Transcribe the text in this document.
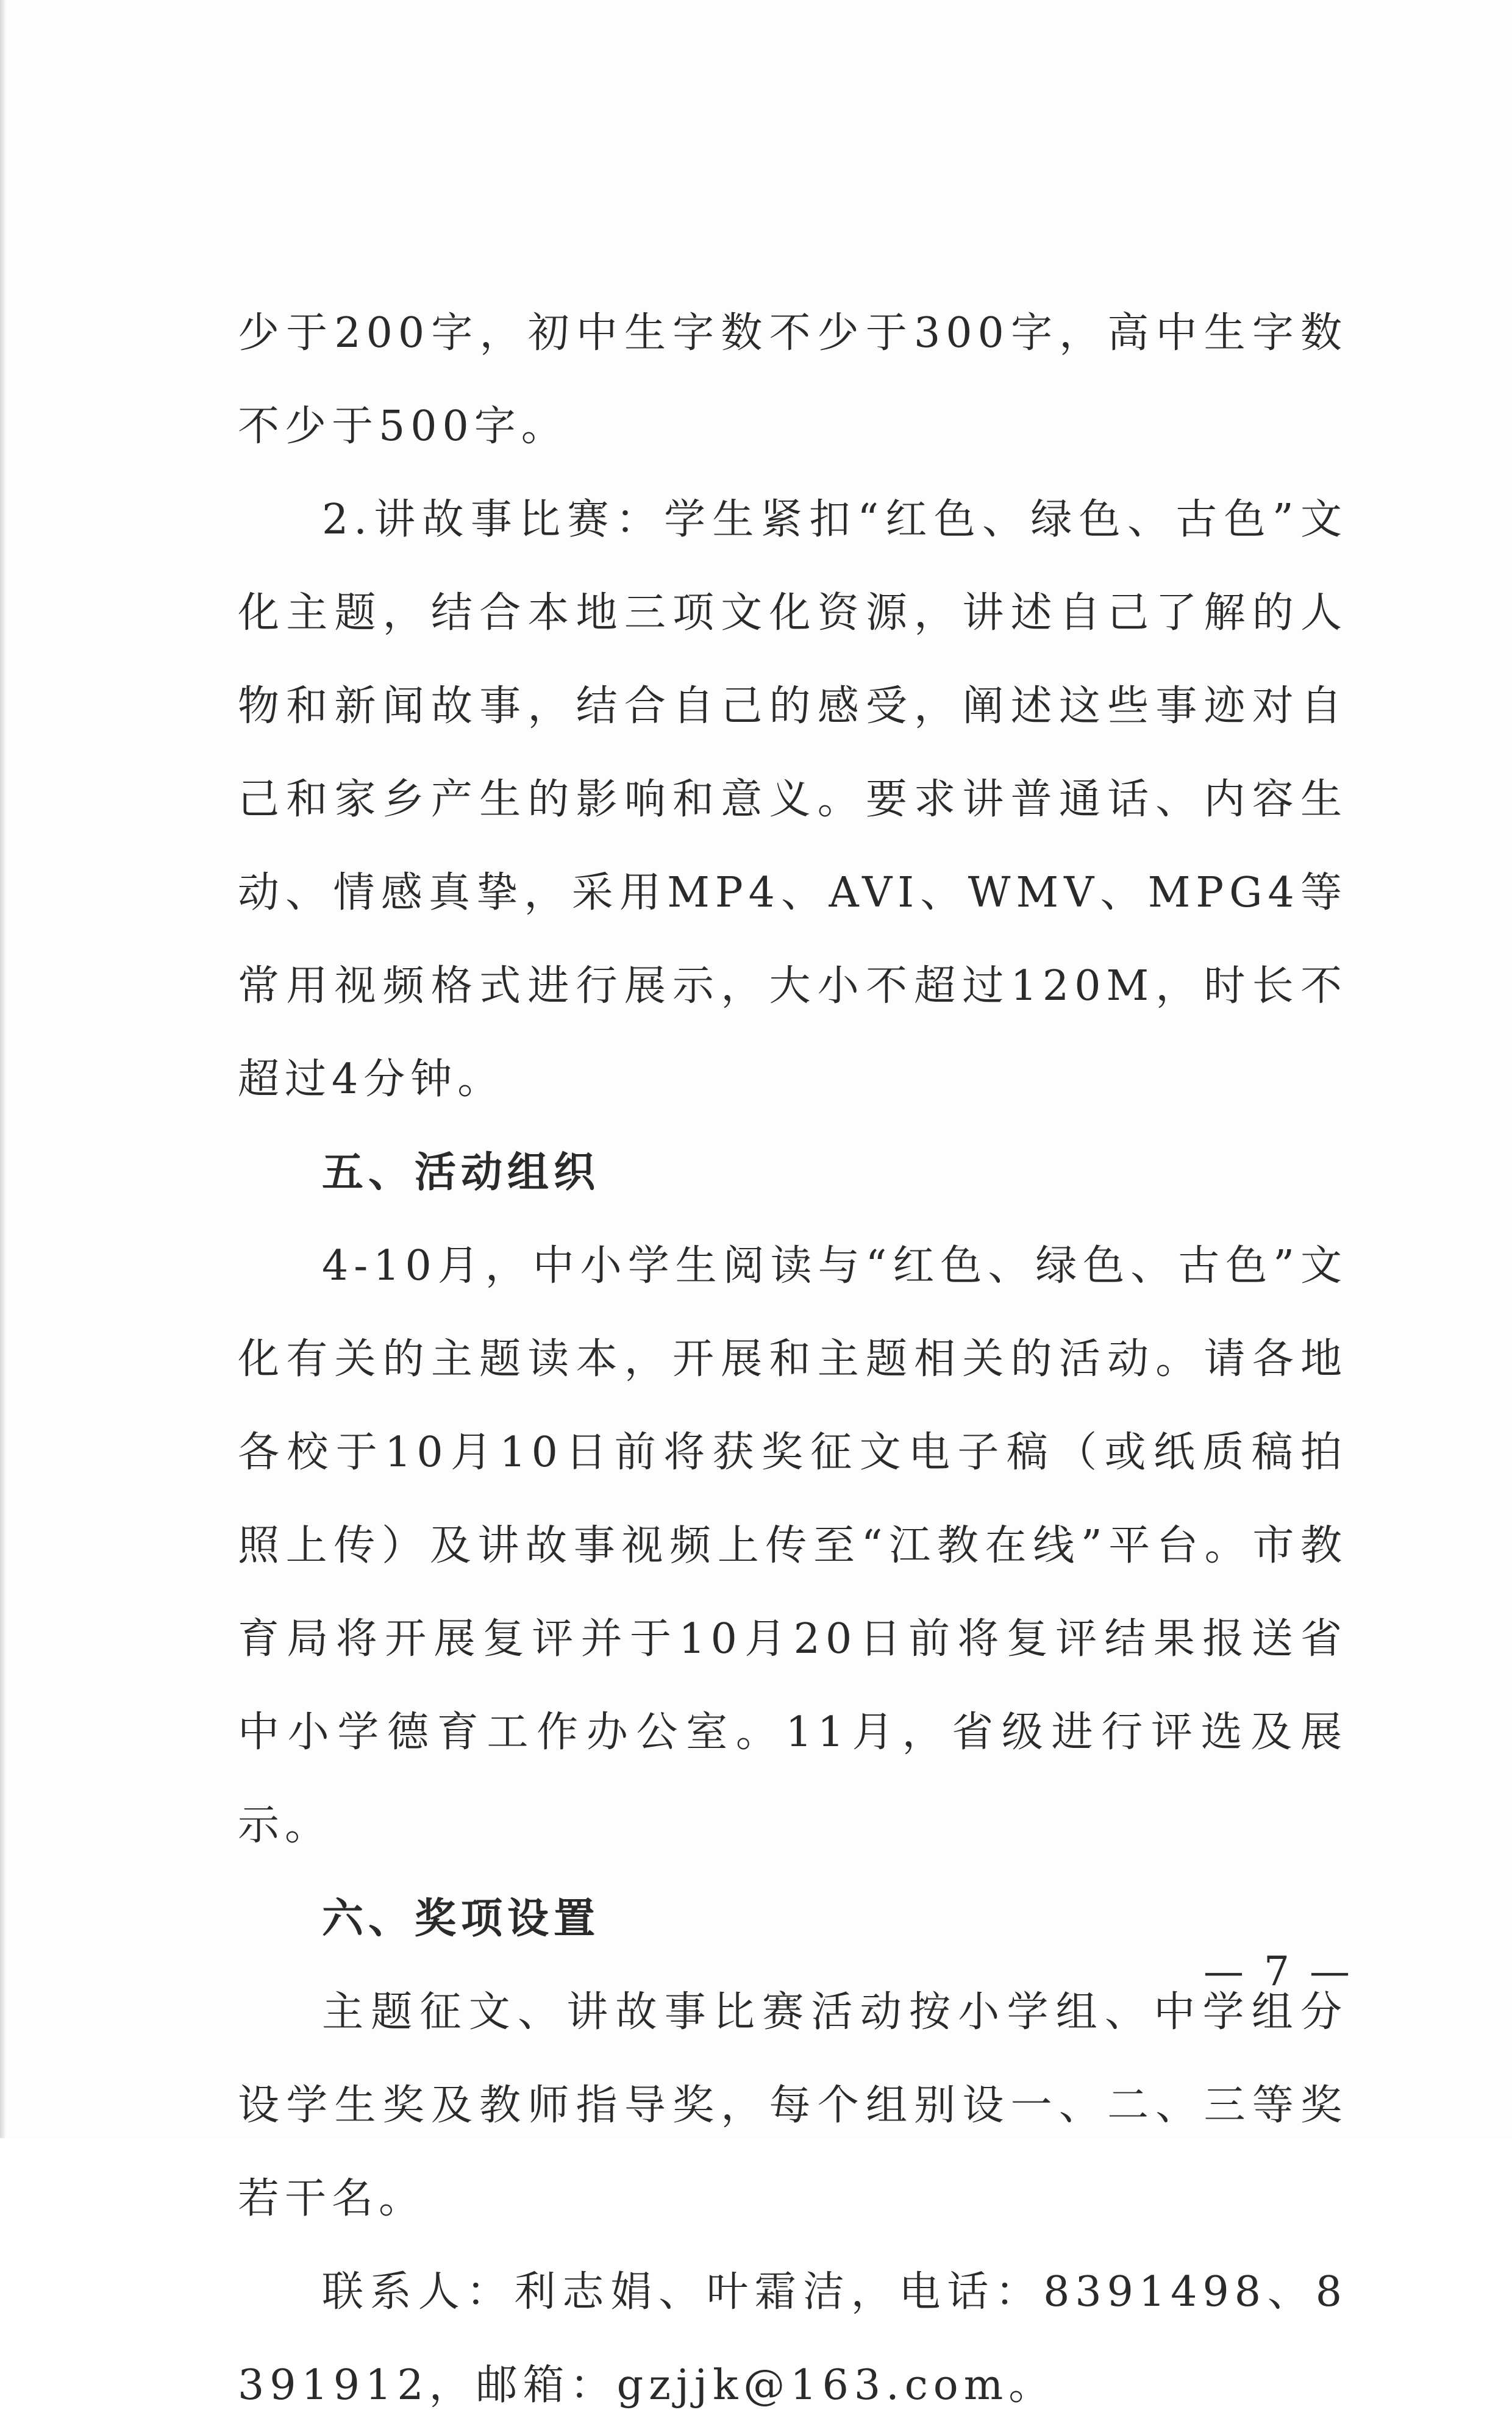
少于200字，初中生字数不少于300字，高中生字数不少于500字。

2.讲故事比赛：学生紧扣“红色、绿色、古色”文化主题，结合本地三项文化资源，讲述自己了解的人物和新闻故事，结合自己的感受，阐述这些事迹对自己和家乡产生的影响和意义。要求讲普通话、内容生动、情感真挚，采用MP4、AVI、WMV、MPG4等常用视频格式进行展示，大小不超过120M，时长不超过4分钟。

五、活动组织

4-10月，中小学生阅读与“红色、绿色、古色”文化有关的主题读本，开展和主题相关的活动。请各地各校于10月10日前将获奖征文电子稿（或纸质稿拍照上传）及讲故事视频上传至“江教在线”平台。市教育局将开展复评并于10月20日前将复评结果报送省中小学德育工作办公室。11月，省级进行评选及展示。

六、奖项设置

主题征文、讲故事比赛活动按小学组、中学组分设学生奖及教师指导奖，每个组别设一、二、三等奖若干名。

联系人：利志娟、叶霜洁，电话：8391498、8391912，邮箱：gzjjk@163.com。

— 7 —
